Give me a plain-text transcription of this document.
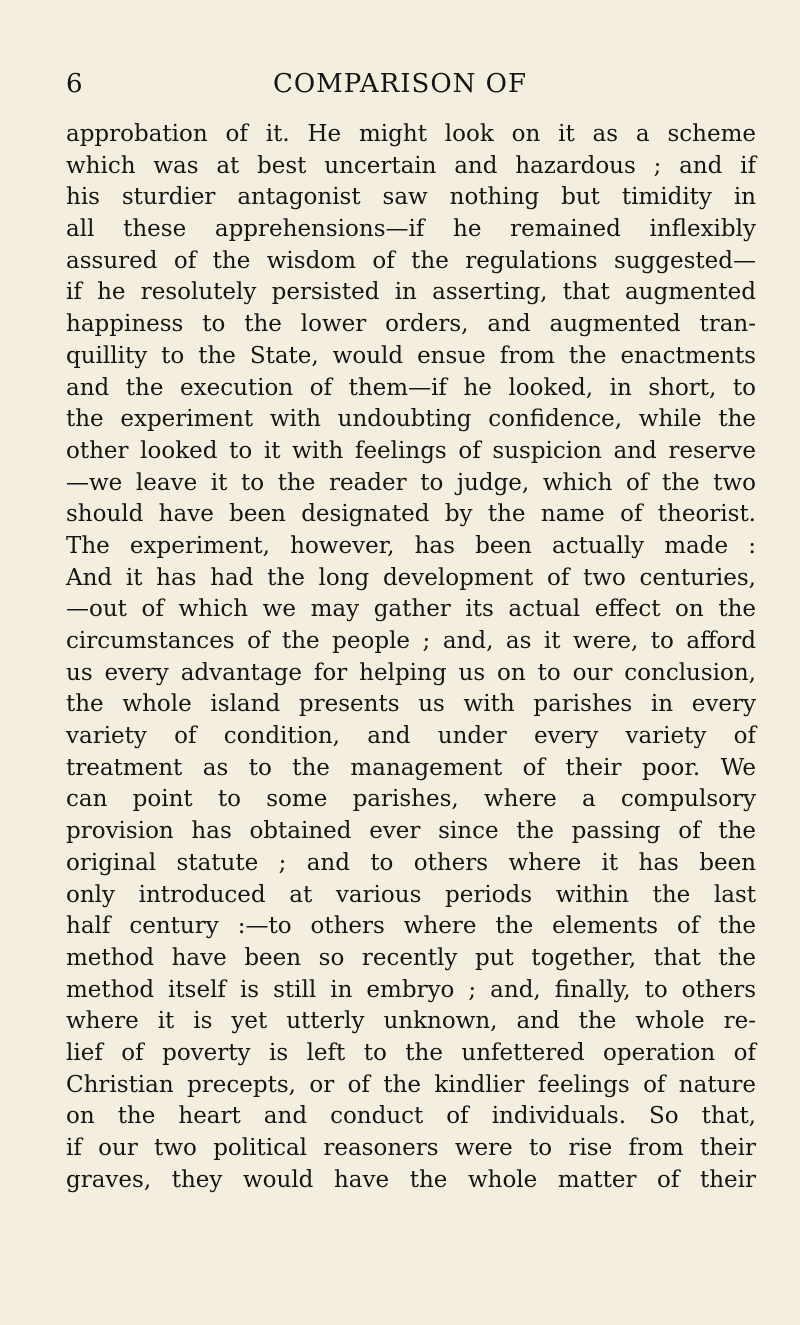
6	COMPARISON OF
approbation of it. He might look on it as a scheme
which was at best uncertain and hazardous ; and if
his sturdier antagonist saw nothing but timidity in
all these apprehensions—if he remained inflexibly
assured of the wisdom of the regulations suggested—
if he resolutely persisted in asserting, that augmented
happiness to the lower orders, and augmented tran-
quillity to the State, would ensue from the enactments
and the execution of them—if he looked, in short, to
the experiment with undoubting confidence, while the
other looked to it with feelings of suspicion and reserve
—we leave it to the reader to judge, which of the two
should have been designated by the name of theorist.
The experiment, however, has been actually made :
And it has had the long development of two centuries,
—out of which we may gather its actual effect on the
circumstances of the people ; and, as it were, to afford
us every advantage for helping us on to our conclusion,
the whole island presents us with parishes in every
variety of condition, and under every variety of
treatment as to the management of their poor. We
can point to some parishes, where a compulsory
provision has obtained ever since the passing of the
original statute ; and to others where it has been
only introduced at various periods within the last
half century :—to others where the elements of the
method have been so recently put together, that the
method itself is still in embryo ; and, finally, to others
where it is yet utterly unknown, and the whole re-
lief of poverty is left to the unfettered operation of
Christian precepts, or of the kindlier feelings of nature
on the heart and conduct of individuals. So that,
if our two political reasoners were to rise from their
graves, they would have the whole matter of their
